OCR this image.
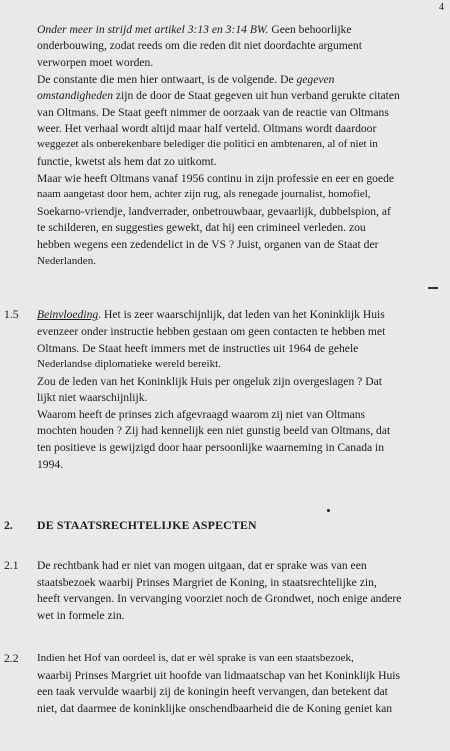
4
Onder meer in strijd met artikel 3:13 en 3:14 BW. Geen behoorlijke
onderbouwing, zodat reeds om die reden dit niet doordachte argument
verworpen moet worden.
De constante die men hier ontwaart, is de volgende. De gegeven
omstandigheden zijn de door de Staat gegeven uit hun verband gerukte citaten
van Oltmans. De Staat geeft nimmer de oorzaak van de reactie van Oltmans
weer. Het verhaal wordt altijd maar half verteld. Oltmans wordt daardoor
weggezet als onberekenbare belediger die politici en ambtenaren, al of niet in
functie, kwetst als hem dat zo uitkomt.
Maar wie heeft Oltmans vanaf 1956 continu in zijn professie en eer en goede
naam aangetast door hem, achter zijn rug, als renegade journalist, homofiel,
Soekarno-vriendje, landverrader, onbetrouwbaar, gevaarlijk, dubbelspion, af
te schilderen, en suggesties gewekt, dat hij een crimineel verleden. zou
hebben wegens een zedendelict in de VS ? Juist, organen van de Staat der
Nederlanden.
1.5 Beinvloeding. Het is zeer waarschijnlijk, dat leden van het Koninklijk Huis
evenzeer onder instructie hebben gestaan om geen contacten te hebben met
Oltmans. De Staat heeft immers met de instructies uit 1964 de gehele
Nederlandse diplomatieke wereld bereikt.
Zou de leden van het Koninklijk Huis per ongeluk zijn overgeslagen ? Dat
lijkt niet waarschijnlijk.
Waarom heeft de prinses zich afgevraagd waarom zij niet van Oltmans
mochten houden ? Zij had kennelijk een niet gunstig beeld van Oltmans, dat
ten positieve is gewijzigd door haar persoonlijke waarneming in Canada in
1994.
2. DE STAATSRECHTELIJKE ASPECTEN
2.1 De rechtbank had er niet van mogen uitgaan, dat er sprake was van een
staatsbezoek waarbij Prinses Margriet de Koning, in staatsrechtelijke zin,
heeft vervangen. In vervanging voorziet noch de Grondwet, noch enige andere
wet in formele zin.
2.2 Indien het Hof van oordeel is, dat er wèl sprake is van een staatsbezoek,
waarbij Prinses Margriet uit hoofde van lidmaatschap van het Koninklijk Huis
een taak vervulde waarbij zij de koningin heeft vervangen, dan betekent dat
niet, dat daarmee de koninklijke onschendbaarheid die de Koning geniet kan
